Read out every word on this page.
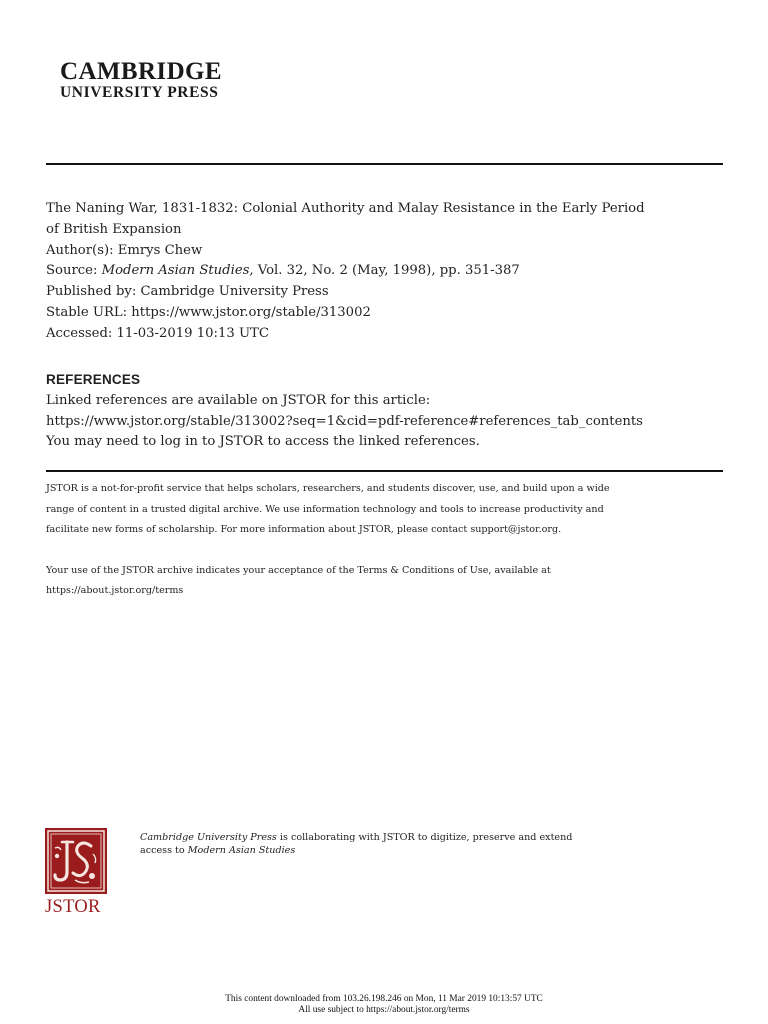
CAMBRIDGE
UNIVERSITY PRESS
The Naning War, 1831-1832: Colonial Authority and Malay Resistance in the Early Period
of British Expansion
Author(s): Emrys Chew
Source: Modern Asian Studies, Vol. 32, No. 2 (May, 1998), pp. 351-387
Published by: Cambridge University Press
Stable URL: https://www.jstor.org/stable/313002
Accessed: 11-03-2019 10:13 UTC
REFERENCES
Linked references are available on JSTOR for this article:
https://www.jstor.org/stable/313002?seq=1&cid=pdf-reference#references_tab_contents
You may need to log in to JSTOR to access the linked references.
JSTOR is a not-for-profit service that helps scholars, researchers, and students discover, use, and build upon a wide
range of content in a trusted digital archive. We use information technology and tools to increase productivity and
facilitate new forms of scholarship. For more information about JSTOR, please contact support@jstor.org.
Your use of the JSTOR archive indicates your acceptance of the Terms & Conditions of Use, available at
https://about.jstor.org/terms
JSTOR
Cambridge University Press is collaborating with JSTOR to digitize, preserve and extend
access to Modern Asian Studies
This content downloaded from 103.26.198.246 on Mon, 11 Mar 2019 10:13:57 UTC
All use subject to https://about.jstor.org/terms
